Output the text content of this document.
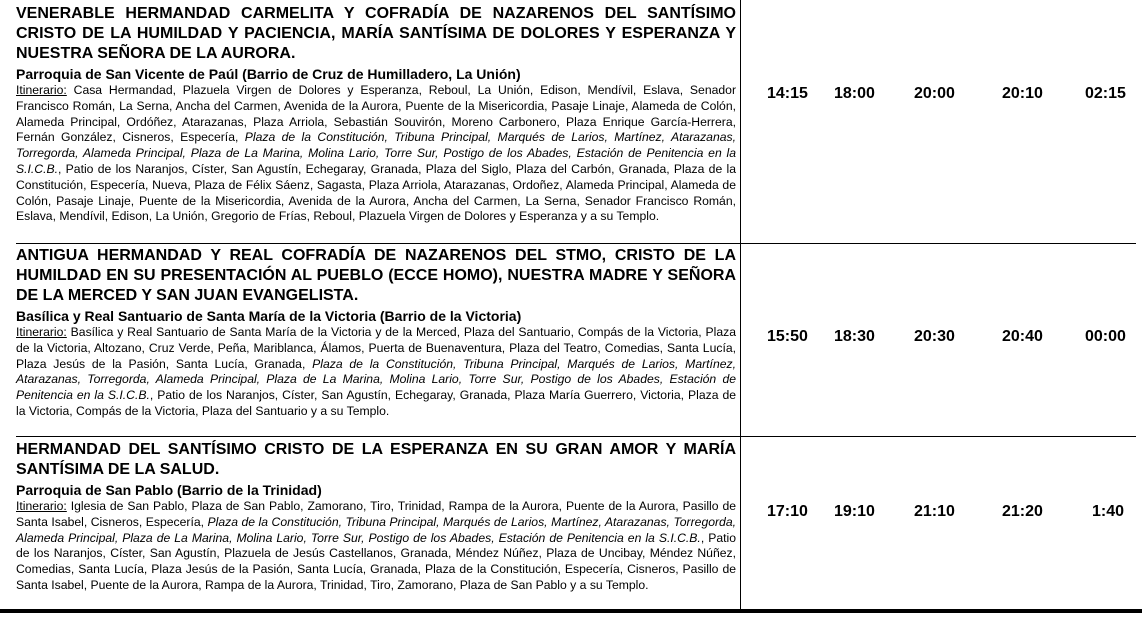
VENERABLE HERMANDAD CARMELITA Y COFRADÍA DE NAZARENOS DEL SANTÍSIMO CRISTO DE LA HUMILDAD Y PACIENCIA, MARÍA SANTÍSIMA DE DOLORES Y ESPERANZA Y NUESTRA SEÑORA DE LA AURORA.

Parroquia de San Vicente de Paúl (Barrio de Cruz de Humilladero, La Unión)

Itinerario: Casa Hermandad, Plazuela Virgen de Dolores y Esperanza, Reboul, La Unión, Edison, Mendívil, Eslava, Senador Francisco Román, La Serna, Ancha del Carmen, Avenida de la Aurora, Puente de la Misericordia, Pasaje Linaje, Alameda de Colón, Alameda Principal, Ordóñez, Atarazanas, Plaza Arriola, Sebastián Souvirón, Moreno Carbonero, Plaza Enrique García-Herrera, Fernán González, Cisneros, Especería, Plaza de la Constitución, Tribuna Principal, Marqués de Larios, Martínez, Atarazanas, Torregorda, Alameda Principal, Plaza de La Marina, Molina Lario, Torre Sur, Postigo de los Abades, Estación de Penitencia en la S.I.C.B., Patio de los Naranjos, Císter, San Agustín, Echegaray, Granada, Plaza del Siglo, Plaza del Carbón, Granada, Plaza de la Constitución, Especería, Nueva, Plaza de Félix Sáenz, Sagasta, Plaza Arriola, Atarazanas, Ordoñez, Alameda Principal, Alameda de Colón, Pasaje Linaje, Puente de la Misericordia, Avenida de la Aurora, Ancha del Carmen, La Serna, Senador Francisco Román, Eslava, Mendívil, Edison, La Unión, Gregorio de Frías, Reboul, Plazuela Virgen de Dolores y Esperanza y a su Templo.

14:15 18:00 20:00	20:10	02:15

ANTIGUA HERMANDAD Y REAL COFRADÍA DE NAZARENOS DEL STMO, CRISTO DE LA HUMILDAD EN SU PRESENTACIÓN AL PUEBLO (ECCE HOMO), NUESTRA MADRE Y SEÑORA DE LA MERCED Y SAN JUAN EVANGELISTA.

Basílica y Real Santuario de Santa María de la Victoria (Barrio de la Victoria)

Itinerario: Basílica y Real Santuario de Santa María de la Victoria y de la Merced, Plaza del Santuario, Compás de la Victoria, Plaza de la Victoria, Altozano, Cruz Verde, Peña, Mariblanca, Álamos, Puerta de Buenaventura, Plaza del Teatro, Comedias, Santa Lucía, Plaza Jesús de la Pasión, Santa Lucía, Granada, Plaza de la Constitución, Tribuna Principal, Marqués de Larios, Martínez, Atarazanas, Torregorda, Alameda Principal, Plaza de La Marina, Molina Lario, Torre Sur, Postigo de los Abades, Estación de Penitencia en la S.I.C.B., Patio de los Naranjos, Císter, San Agustín, Echegaray, Granada, Plaza María Guerrero, Victoria, Plaza de la Victoria, Compás de la Victoria, Plaza del Santuario y a su Templo.

15:50 18:30 20:30	20:40	00:00

HERMANDAD DEL SANTÍSIMO CRISTO DE LA ESPERANZA EN SU GRAN AMOR Y MARÍA SANTÍSIMA DE LA SALUD.

Parroquia de San Pablo (Barrio de la Trinidad)

Itinerario: Iglesia de San Pablo, Plaza de San Pablo, Zamorano, Tiro, Trinidad, Rampa de la Aurora, Puente de la Aurora, Pasillo de Santa Isabel, Cisneros, Especería, Plaza de la Constitución, Tribuna Principal, Marqués de Larios, Martínez, Atarazanas, Torregorda, Alameda Principal, Plaza de La Marina, Molina Lario, Torre Sur, Postigo de los Abades, Estación de Penitencia en la S.I.C.B., Patio de los Naranjos, Císter, San Agustín, Plazuela de Jesús Castellanos, Granada, Méndez Núñez, Plaza de Uncibay, Méndez Núñez, Comedias, Santa Lucía, Plaza Jesús de la Pasión, Santa Lucía, Granada, Plaza de la Constitución, Especería, Cisneros, Pasillo de Santa Isabel, Puente de la Aurora, Rampa de la Aurora, Trinidad, Tiro, Zamorano, Plaza de San Pablo y a su Templo.

17:10 19:10 21:10	21:20	1:40
